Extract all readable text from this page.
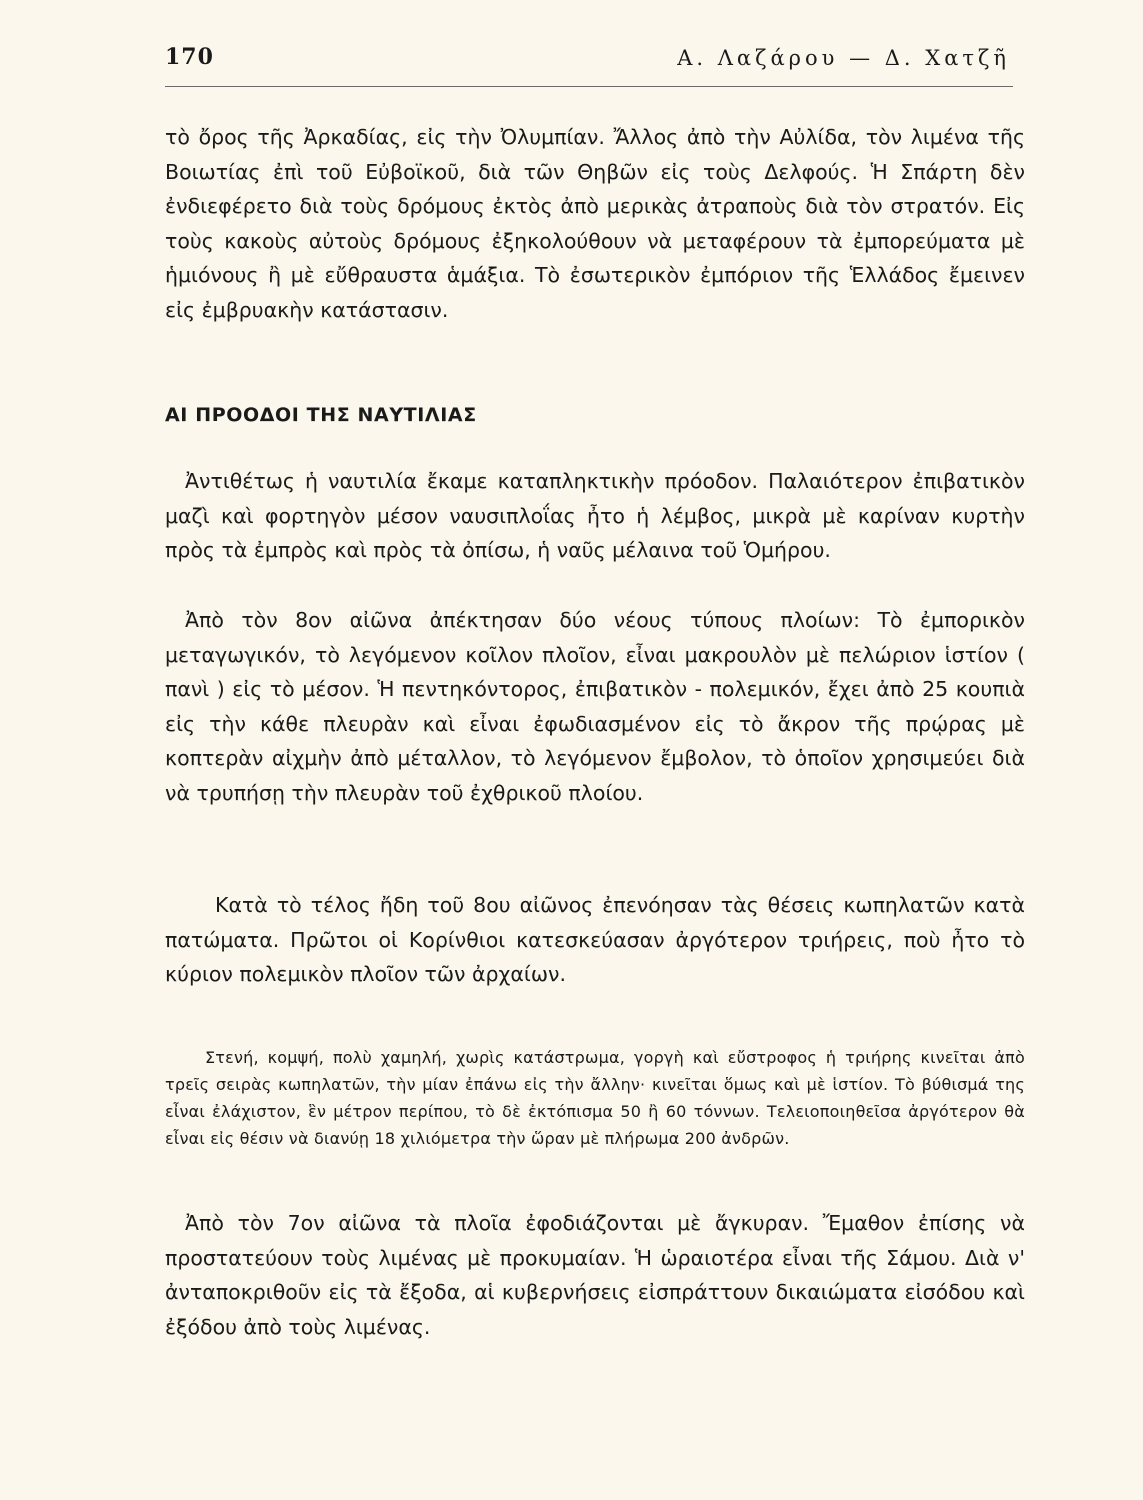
170	Α. Λαζάρου — Δ. Χατζῆ

τὸ ὄρος τῆς Ἀρκαδίας, εἰς τὴν Ὀλυμπίαν. Ἄλλος ἀπὸ τὴν Αὐλίδα, τὸν λιμένα τῆς Βοιωτίας ἐπὶ τοῦ Εὐβοϊκοῦ, διὰ τῶν Θηβῶν εἰς τοὺς Δελφούς. Ἡ Σπάρτη δὲν ἐνδιεφέρετο διὰ τοὺς δρόμους ἐκτὸς ἀπὸ μερικὰς ἀτραποὺς διὰ τὸν στρατόν. Εἰς τοὺς κακοὺς αὐτοὺς δρόμους ἐξηκολούθουν νὰ μεταφέρουν τὰ ἐμπορεύματα μὲ ἡμιόνους ἢ μὲ εὔθραυστα ἁμάξια. Τὸ ἐσωτερικὸν ἐμπόριον τῆς Ἑλλάδος ἔμεινεν εἰς ἐμβρυακὴν κατάστασιν.

ΑΙ ΠΡΟΟΔΟΙ ΤΗΣ ΝΑΥΤΙΛΙΑΣ

Ἀντιθέτως ἡ ναυτιλία ἔκαμε καταπληκτικὴν πρόοδον. Παλαιότερον ἐπιβατικὸν μαζὶ καὶ φορτηγὸν μέσον ναυσιπλοΐας ἦτο ἡ λέμβος, μικρὰ μὲ καρίναν κυρτὴν πρὸς τὰ ἐμπρὸς καὶ πρὸς τὰ ὀπίσω, ἡ ναῦς μέλαινα τοῦ Ὁμήρου.

Ἀπὸ τὸν 8ον αἰῶνα ἀπέκτησαν δύο νέους τύπους πλοίων: Τὸ ἐμπορικὸν μεταγωγικόν, τὸ λεγόμενον κοῖλον πλοῖον, εἶναι μακρουλὸν μὲ πελώριον ἱστίον ( πανὶ ) εἰς τὸ μέσον. Ἡ πεντηκόντορος, ἐπιβατικὸν - πολεμικόν, ἔχει ἀπὸ 25 κουπιὰ εἰς τὴν κάθε πλευρὰν καὶ εἶναι ἐφωδιασμένον εἰς τὸ ἄκρον τῆς πρῴρας μὲ κοπτερὰν αἰχμὴν ἀπὸ μέταλλον, τὸ λεγόμενον ἔμβολον, τὸ ὁποῖον χρησιμεύει διὰ νὰ τρυπήσῃ τὴν πλευρὰν τοῦ ἐχθρικοῦ πλοίου.

Κατὰ τὸ τέλος ἤδη τοῦ 8ου αἰῶνος ἐπενόησαν τὰς θέσεις κωπηλατῶν κατὰ πατώματα. Πρῶτοι οἱ Κορίνθιοι κατεσκεύασαν ἀργότερον τριήρεις, ποὺ ἦτο τὸ κύριον πολεμικὸν πλοῖον τῶν ἀρχαίων.

Στενή, κομψή, πολὺ χαμηλή, χωρὶς κατάστρωμα, γοργὴ καὶ εὔστροφος ἡ τριήρης κινεῖται ἀπὸ τρεῖς σειρὰς κωπηλατῶν, τὴν μίαν ἐπάνω εἰς τὴν ἄλλην· κινεῖται ὅμως καὶ μὲ ἱστίον. Τὸ βύθισμά της εἶναι ἐλάχιστον, ἓν μέτρον περίπου, τὸ δὲ ἐκτόπισμα 50 ἢ 60 τόννων. Τελειοποιηθεῖσα ἀργότερον θὰ εἶναι εἰς θέσιν νὰ διανύῃ 18 χιλιόμετρα τὴν ὥραν μὲ πλήρωμα 200 ἀνδρῶν.

Ἀπὸ τὸν 7ον αἰῶνα τὰ πλοῖα ἐφοδιάζονται μὲ ἄγκυραν. Ἔμαθον ἐπίσης νὰ προστατεύουν τοὺς λιμένας μὲ προκυμαίαν. Ἡ ὡραιοτέρα εἶναι τῆς Σάμου. Διὰ ν' ἀνταποκριθοῦν εἰς τὰ ἔξοδα, αἱ κυβερνήσεις εἰσπράττουν δικαιώματα εἰσόδου καὶ ἐξόδου ἀπὸ τοὺς λιμένας.
